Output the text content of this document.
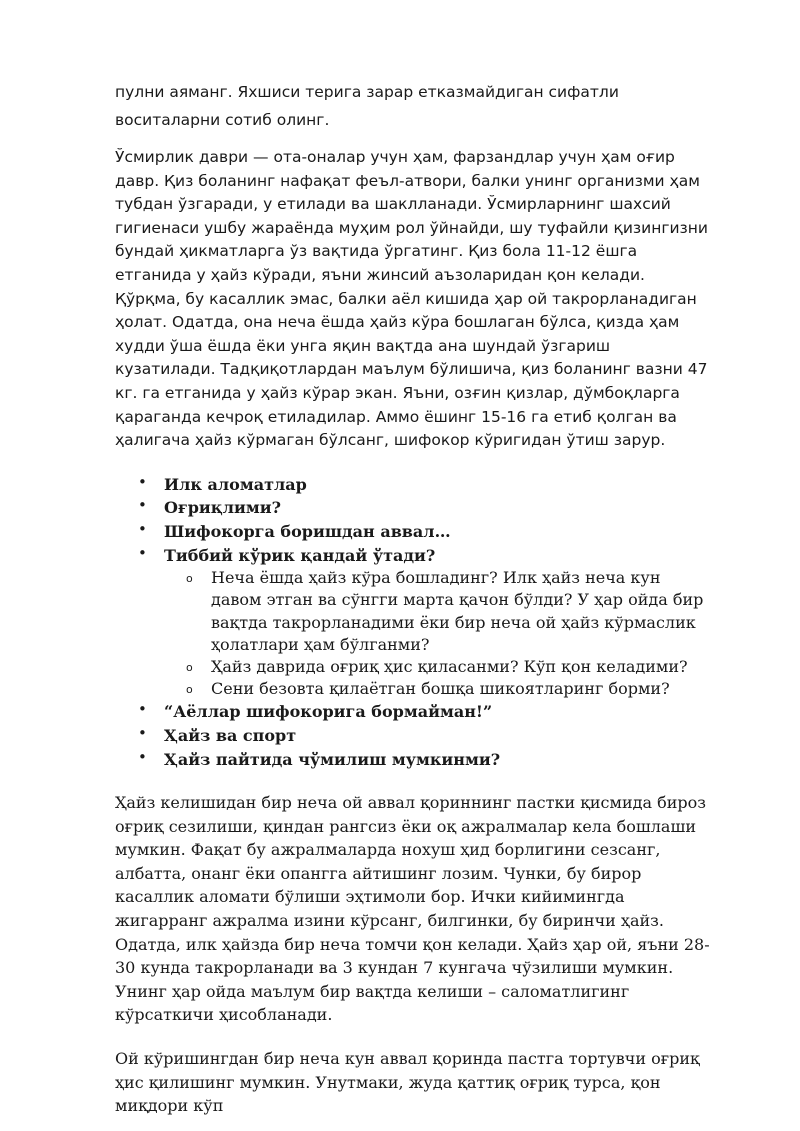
пулни аяманг. Яхшиси терига зарар етказмайдиган сифатли воситаларни сотиб олинг.

Ўсмирлик даври — ота-оналар учун ҳам, фарзандлар учун ҳам оғир давр. Қиз боланинг нафақат феъл-атвори, балки унинг организми ҳам тубдан ўзгаради, у етилади ва шаклланади. Ўсмирларнинг шахсий гигиенаси ушбу жараёнда муҳим рол ўйнайди, шу туфайли қизингизни бундай ҳикматларга ўз вақтида ўргатинг. Қиз бола 11-12 ёшга етганида у ҳайз кўради, яъни жинсий аъзоларидан қон келади. Қўрқма, бу касаллик эмас, балки аёл кишида ҳар ой такрорланадиган ҳолат. Одатда, она неча ёшда ҳайз кўра бошлаган бўлса, қизда ҳам худди ўша ёшда ёки унга яқин вақтда ана шундай ўзгариш кузатилади. Тадқиқотлардан маълум бўлишича, қиз боланинг вазни 47 кг. га етганида у ҳайз кўрар экан. Яъни, озғин қизлар, дўмбоқларга қараганда кечроқ етиладилар. Аммо ёшинг 15-16 га етиб қолган ва ҳалигача ҳайз кўрмаган бўлсанг, шифокор кўригидан ўтиш зарур.

• Илк аломатлар
• Оғриқлими?
• Шифокорга боришдан аввал…
• Тиббий кўрик қандай ўтади?
o Неча ёшда ҳайз кўра бошладинг? Илк ҳайз неча кун давом этган ва сўнгги марта қачон бўлди? У ҳар ойда бир вақтда такрорланадими ёки бир неча ой ҳайз кўрмаслик ҳолатлари ҳам бўлганми?
o Ҳайз даврида оғриқ ҳис қиласанми? Кўп қон келадими?
o Сени безовта қилаётган бошқа шикоятларинг борми?
• “Аёллар шифокорига бормайман!”
• Ҳайз ва спорт
• Ҳайз пайтида чўмилиш мумкинми?

Ҳайз келишидан бир неча ой аввал қориннинг пастки қисмида бироз оғриқ сезилиши, қиндан рангсиз ёки оқ ажралмалар кела бошлаши мумкин. Фақат бу ажралмаларда нохуш ҳид борлигини сезсанг, албатта, онанг ёки опангга айтишинг лозим. Чунки, бу бирор касаллик аломати бўлиши эҳтимоли бор. Ички кийимингда жигарранг ажралма изини кўрсанг, билгинки, бу биринчи ҳайз. Одатда, илк ҳайзда бир неча томчи қон келади. Ҳайз ҳар ой, яъни 28-30 кунда такрорланади ва 3 кундан 7 кунгача чўзилиши мумкин. Унинг ҳар ойда маълум бир вақтда келиши – саломатлигинг кўрсаткичи ҳисобланади.

Ой кўришингдан бир неча кун аввал қоринда пастга тортувчи оғриқ ҳис қилишинг мумкин. Унутмаки, жуда қаттиқ оғриқ турса, қон миқдори кўп
